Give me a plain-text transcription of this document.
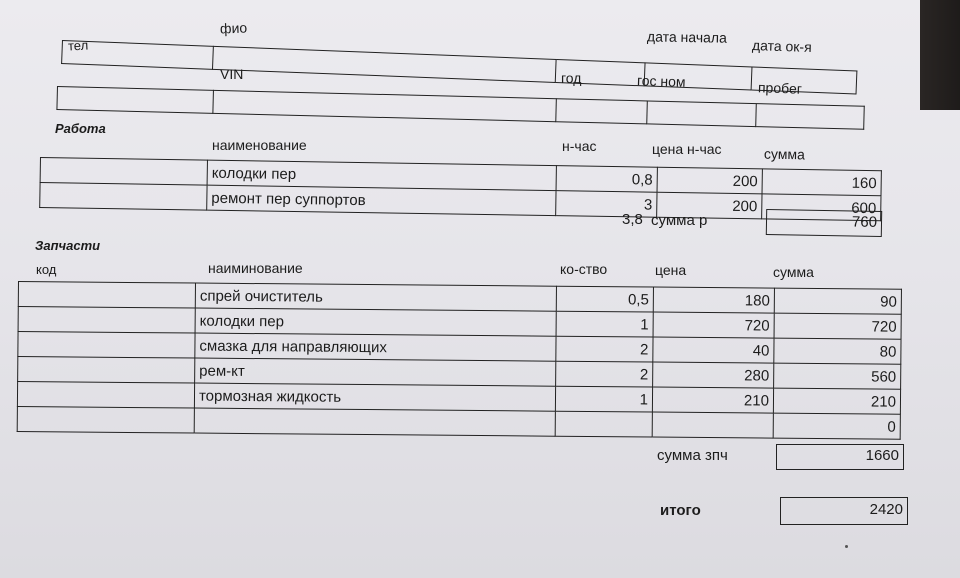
тел
фио
дата начала дата ок-я

VIN	год	гос ном	пробег

Работа
наименование	н-час	цена н-час	сумма
	колодки пер	0,8	200	160
	ремонт пер суппортов	3	200	600
3,8 сумма р	760
Запчасти
код	наиминование	ко-ство	цена	сумма
	спрей очиститель	0,5	180	90
	колодки пер	1	720	720
	смазка для направляющих	2	40	80
	рем-кт	2	280	560
	тормозная жидкость	1	210	210
				0
сумма зпч	1660
итого	2420
